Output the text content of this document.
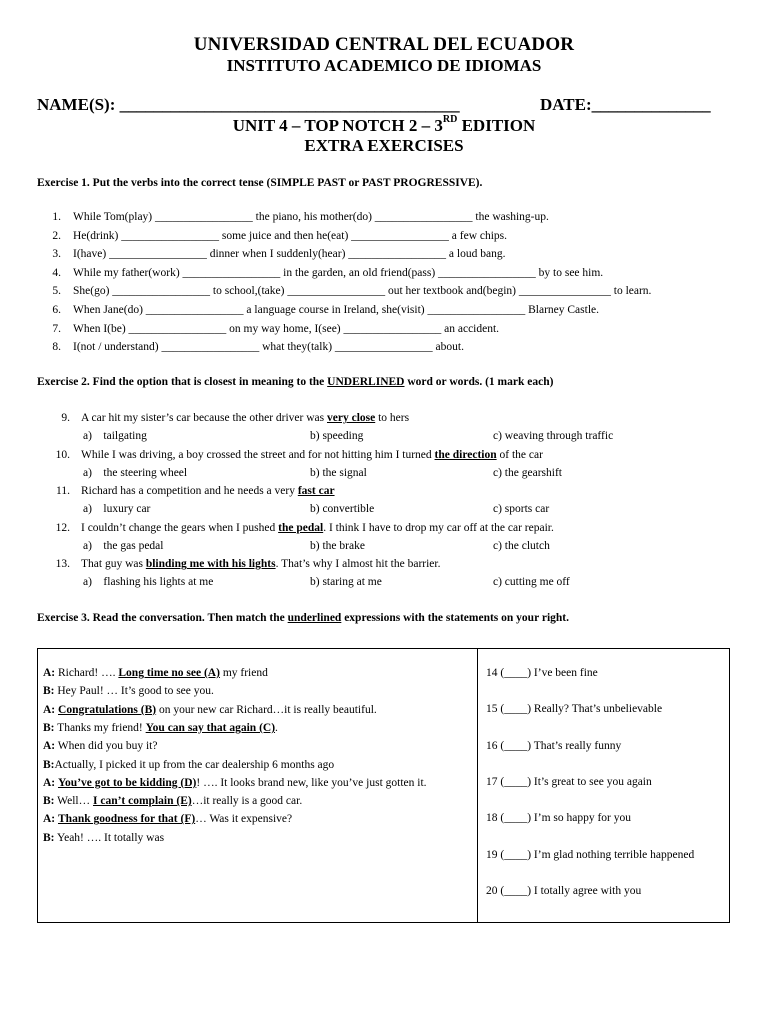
UNIVERSIDAD CENTRAL DEL ECUADOR
INSTITUTO ACADEMICO DE IDIOMAS
NAME(S): ________________________________________	DATE:______________
UNIT 4 – TOP NOTCH 2 – 3RD EDITION
EXTRA EXERCISES
Exercise 1. Put the verbs into the correct tense (SIMPLE PAST or PAST PROGRESSIVE).
1. While Tom(play) _________________ the piano, his mother(do) _________________ the washing-up.
2. He(drink) _________________ some juice and then he(eat) _________________ a few chips.
3. I(have) _________________ dinner when I suddenly(hear) _________________ a loud bang.
4. While my father(work) _________________ in the garden, an old friend(pass) _________________ by to see him.
5. She(go) _________________ to school,(take) _________________ out her textbook and(begin) ________________ to learn.
6. When Jane(do) _________________ a language course in Ireland, she(visit) _________________ Blarney Castle.
7. When I(be) _________________ on my way home, I(see) _________________ an accident.
8. I(not / understand) _________________ what they(talk) _________________ about.
Exercise 2. Find the option that is closest in meaning to the UNDERLINED word or words. (1 mark each)
9. A car hit my sister’s car because the other driver was very close to hers
a)    tailgating	b) speeding	c) weaving through traffic
10. While I was driving, a boy crossed the street and for not hitting him I turned the direction of the car
a)    the steering wheel	b) the signal	c) the gearshift
11. Richard has a competition and he needs a very fast car
a)    luxury car	b) convertible	c) sports car
12. I couldn’t change the gears when I pushed the pedal. I think I have to drop my car off at the car repair.
a)    the gas pedal	b) the brake	c) the clutch
13. That guy was blinding me with his lights. That’s why I almost hit the barrier.
a)    flashing his lights at me	b) staring at me	c) cutting me off
Exercise 3. Read the conversation. Then match the underlined expressions with the statements on your right.
A: Richard! …. Long time no see (A) my friend
B: Hey Paul! … It’s good to see you.
A: Congratulations (B) on your new car Richard…it is really beautiful.
B: Thanks my friend! You can say that again (C).
A: When did you buy it?
B:Actually, I picked it up from the car dealership 6 months ago
A: You’ve got to be kidding (D)! …. It looks brand new, like you’ve just gotten it.
B: Well… I can’t complain (E)…it really is a good car.
A: Thank goodness for that (F)… Was it expensive?
B: Yeah! …. It totally was
14 (____) I’ve been fine
15 (____) Really? That’s unbelievable
16 (____) That’s really funny
17 (____) It’s great to see you again
18 (____) I’m so happy for you
19 (____) I’m glad nothing terrible happened
20 (____) I totally agree with you
